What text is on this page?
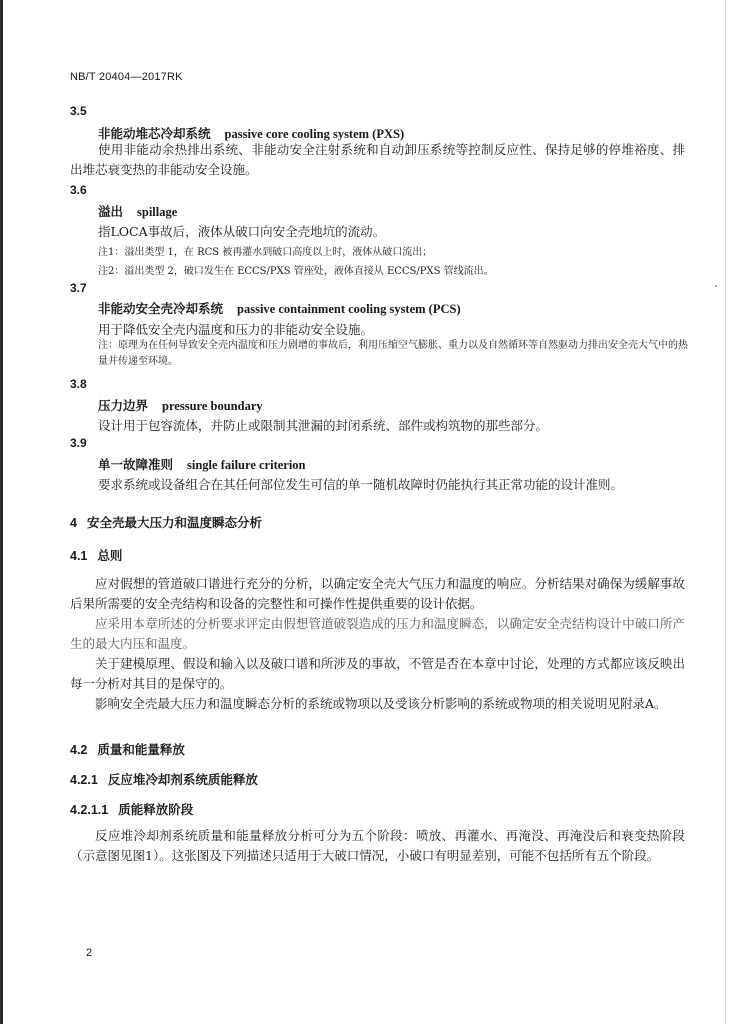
NB/T 20404—2017RK
3.5
非能动堆芯冷却系统 passive core cooling system (PXS)
使用非能动余热排出系统、非能动安全注射系统和自动卸压系统等控制反应性、保持足够的停堆裕度、排出堆芯衰变热的非能动安全设施。
3.6
溢出 spillage
指LOCA事故后，液体从破口向安全壳地坑的流动。
注1：溢出类型 1，在 RCS 被再灌水到破口高度以上时，液体从破口流出；
注2：溢出类型 2，破口发生在 ECCS/PXS 管座处，液体直接从 ECCS/PXS 管线流出。
3.7
非能动安全壳冷却系统 passive containment cooling system (PCS)
用于降低安全壳内温度和压力的非能动安全设施。
注：原理为在任何导致安全壳内温度和压力剧增的事故后，利用压缩空气膨胀、重力以及自然循环等自然驱动力排出安全壳大气中的热量并传递至环境。
3.8
压力边界 pressure boundary
设计用于包容流体，并防止或限制其泄漏的封闭系统、部件或构筑物的那些部分。
3.9
单一故障准则 single failure criterion
要求系统或设备组合在其任何部位发生可信的单一随机故障时仍能执行其正常功能的设计准则。
4 安全壳最大压力和温度瞬态分析
4.1 总则
应对假想的管道破口谱进行充分的分析，以确定安全壳大气压力和温度的响应。分析结果对确保为缓解事故后果所需要的安全壳结构和设备的完整性和可操作性提供重要的设计依据。
应采用本章所述的分析要求评定由假想管道破裂造成的压力和温度瞬态，以确定安全壳结构设计中破口所产生的最大内压和温度。
关于建模原理、假设和输入以及破口谱和所涉及的事故，不管是否在本章中讨论，处理的方式都应该反映出每一分析对其目的是保守的。
影响安全壳最大压力和温度瞬态分析的系统或物项以及受该分析影响的系统或物项的相关说明见附录A。
4.2 质量和能量释放
4.2.1 反应堆冷却剂系统质能释放
4.2.1.1 质能释放阶段
反应堆冷却剂系统质量和能量释放分析可分为五个阶段：喷放、再灌水、再淹没、再淹没后和衰变热阶段（示意图见图1）。这张图及下列描述只适用于大破口情况，小破口有明显差别，可能不包括所有五个阶段。
2
